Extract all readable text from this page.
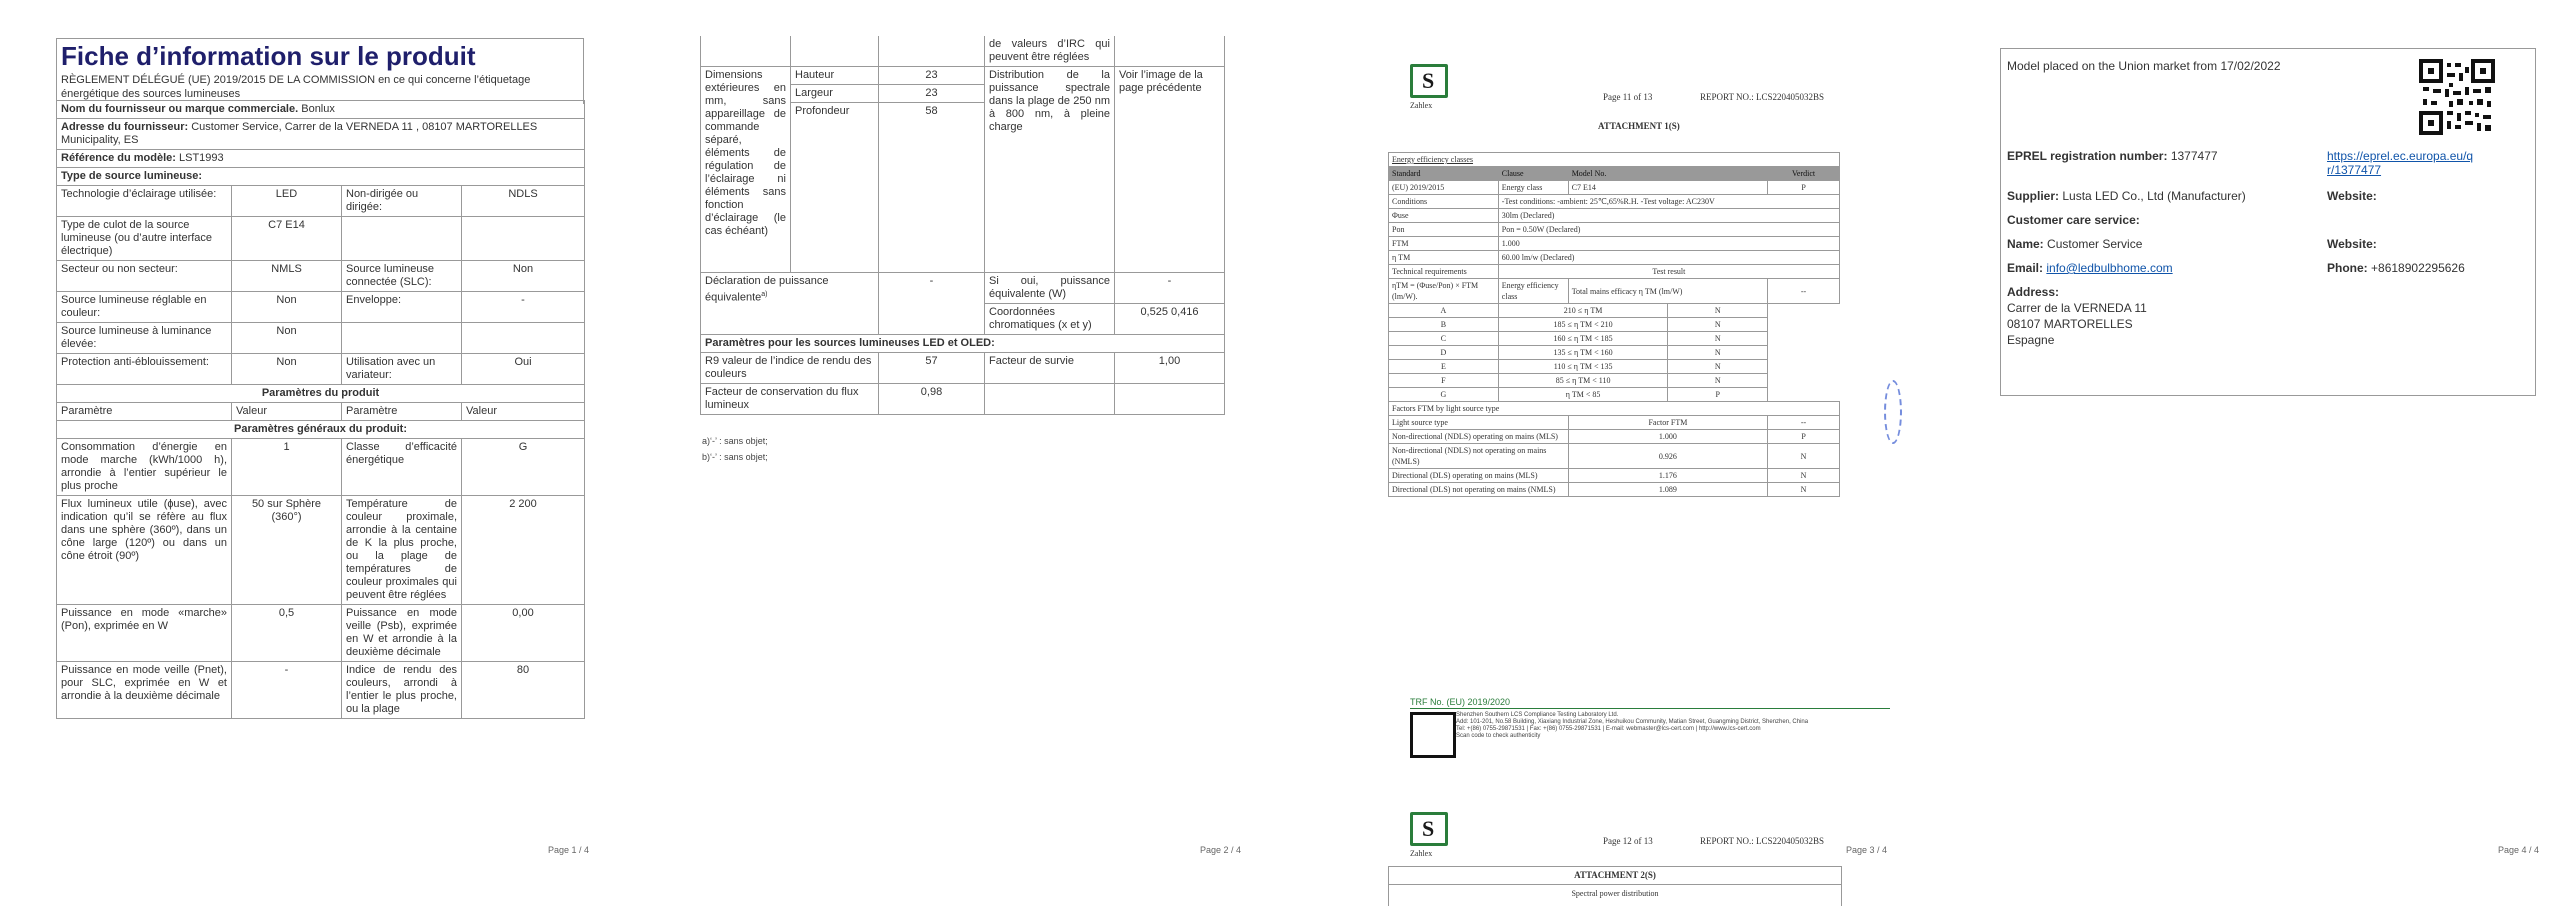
Fiche d’information sur le produit

RÈGLEMENT DÉLÉGUÉ (UE) 2019/2015 DE LA COMMISSION en ce qui concerne l’étiquetage énergétique des sources lumineuses

Nom du fournisseur ou marque commerciale. Bonlux			
Adresse du fournisseur: Customer Service, Carrer de la VERNEDA 11 , 08107 MARTORELLES Municipality, ES			
Référence du modèle: LST1993			
Type de source lumineuse:			
Technologie d’éclairage utilisée:	LED	Non-dirigée ou dirigée:	NDLS
Type de culot de la source lumineuse (ou d’autre interface électrique)	C7 E14		
Secteur ou non secteur:	NMLS	Source lumineuse connectée (SLC):	Non
Source lumineuse réglable en couleur:	Non	Enveloppe:	-
Source lumineuse à luminance élevée:	Non		
Protection anti-éblouissement:	Non	Utilisation avec un variateur:	Oui
Paramètres du produit			
Paramètre	Valeur	Paramètre	Valeur
Paramètres généraux du produit:			
Consommation d’énergie en mode marche (kWh/1000 h), arrondie à l’entier supérieur le plus proche	1	Classe d’efficacité énergétique	G
Flux lumineux utile (ɸuse), avec indication qu’il se réfère au flux dans une sphère (360º), dans un cône large (120º) ou dans un cône étroit (90º)	50 sur Sphère (360°)	Température de couleur proximale, arrondie à la centaine de K la plus proche, ou la plage de températures de couleur proximales qui peuvent être réglées	2 200
Puissance en mode «marche» (Pon), exprimée en W	0,5	Puissance en mode veille (Psb), exprimée en W et arrondie à la deuxième décimale	0,00
Puissance en mode veille (Pnet), pour SLC, exprimée en W et arrondie à la deuxième décimale	-	Indice de rendu des couleurs, arrondi à l’entier le plus proche, ou la plage	80
Page 1 / 4
			de valeurs d’IRC qui peuvent être réglées	
Dimensions extérieures en mm, sans appareillage de commande séparé, éléments de régulation de l’éclairage ni éléments sans fonction d’éclairage (le cas échéant)	Hauteur	23	Distribution de la puissance spectrale dans la plage de 250 nm à 800 nm, à pleine charge	Voir l’image de la page précédente
	Largeur	23		
	Profondeur	58		
Déclaration de puissance équivalente$^{a)}$		-	Si oui, puissance équivalente (W)	-
			Coordonnées chromatiques (x et y)	0,525 0,416
Paramètres pour les sources lumineuses LED et OLED:				
R9 valeur de l’indice de rendu des couleurs		57	Facteur de survie	1,00
Facteur de conservation du flux lumineux		0,98		
a)‘-’ : sans objet;
b)‘-’ : sans objet;
Page 2 / 4
S
Zahlex
Page 11 of 13	REPORT NO.: LCS220405032BS
ATTACHMENT 1(S)
Energy efficiency classes				
Standard	Clause	Model No.		Verdict
(EU) 2019/2015	Energy class	C7 E14		P
Conditions	-Test conditions: -ambient: 25℃,65%R.H. -Test voltage: AC230V			
Φuse	30lm (Declared)			
Pon	Pon = 0.50W (Declared)			
FTM	1.000			
η TM	60.00 lm/w (Declared)			
Technical requirements	Test result			
ηTM = (Φuse/Pon) × FTM (lm/W).	Energy efficiency class	Total mains efficacy η TM (lm/W)		--
A	210 ≤ η TM		N	
B	185 ≤ η TM < 210		N	
C	160 ≤ η TM < 185		N	
D	135 ≤ η TM < 160		N	
E	110 ≤ η TM < 135		N	
F	85 ≤ η TM < 110		N	
G	η TM < 85		P	
Factors FTM by light source type				
Light source type		Factor FTM		--
Non-directional (NDLS) operating on mains (MLS)		1.000		P
Non-directional (NDLS) not operating on mains (NMLS)		0.926		N
Directional (DLS) operating on mains (MLS)		1.176		N
Directional (DLS) not operating on mains (NMLS)		1.089		N
TRF No. (EU) 2019/2020
Shenzhen Southern LCS Compliance Testing Laboratory Ltd.
Add: 101-201, No.58 Building, Xiaxiang Industrial Zone, Heshuikou Community, Matian Street, Guangming District, Shenzhen, China
Tel: +(86) 0755-29871531 | Fax: +(86) 0755-29871531 | E-mail: webmaster@lcs-cert.com | http://www.lcs-cert.com
Scan code to check authenticity
S
Zahlex
Page 12 of 13	REPORT NO.: LCS220405032BS
ATTACHMENT 2(S)
Spectral power distribution
Page 3 / 4
Model placed on the Union market from 17/02/2022
EPREL registration number: 1377477	https://eprel.ec.europa.eu/qr/1377477
Supplier: Lusta LED Co., Ltd (Manufacturer)	Website:
Customer care service:
Name: Customer Service	Website:
Email: info@ledbulbhome.com	Phone: +8618902295626
Address:
Carrer de la VERNEDA 11
08107 MARTORELLES
Espagne
Page 4 / 4
